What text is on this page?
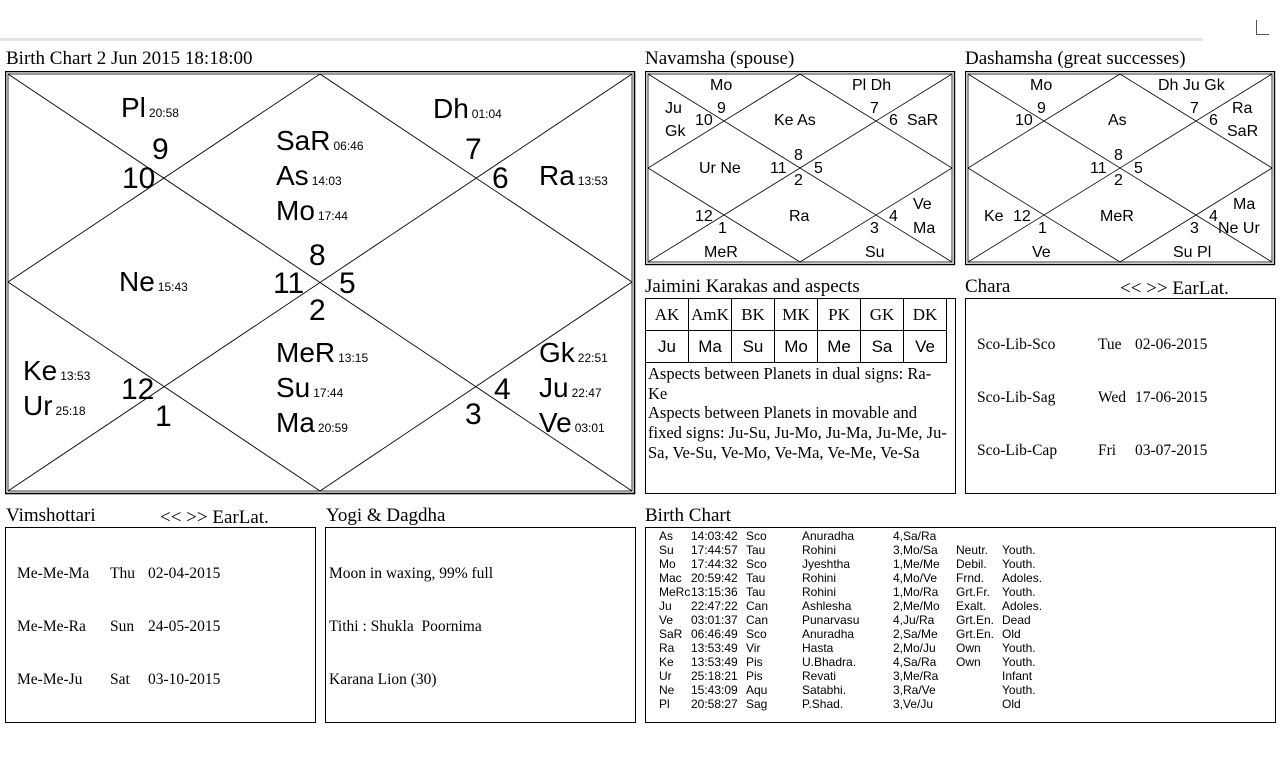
Birth Chart 2 Jun 2015 18:18:00
8
9
10
11
12
1
2
3
4
5
6
7
Pl 20:58
SaR 06:46
As 14:03
Mo 17:44
Dh 01:04
Ra 13:53
Ne 15:43
Ke 13:53
Ur 25:18
MeR 13:15
Su 17:44
Ma 20:59
Gk 22:51
Ju 22:47
Ve 03:01
Navamsha (spouse)
8
9
10
11
12
1
2
3
4
5
6
7
Mo	Pl Dh
Ju
Gk
Ke As	SaR
Ur Ne
Ra
Ve
Ma
MeR	Su
Dashamsha (great successes)
8
9
10
11
12
1
2
3
4
5
6
7
Mo	Dh Ju Gk
Ra
SaR
As
Ke	MeR
Ma
Ne Ur
Ve	Su Pl
Jaimini Karakas and aspects
AK	AmK	BK	MK	PK	GK	DK
Ju	Ma	Su	Mo	Me	Sa	Ve
Aspects between Planets in dual signs: Ra-Ke
Aspects between Planets in movable and fixed signs: Ju-Su, Ju-Mo, Ju-Ma, Ju-Me, Ju-Sa, Ve-Su, Ve-Mo, Ve-Ma, Ve-Me, Ve-Sa
Chara	<< >> EarLat.

Sco-Lib-Sco	Tue 02-06-2015

Sco-Lib-Sag	Wed 17-06-2015

Sco-Lib-Cap	Fri 03-07-2015

Vimshottari	<< >> EarLat.

Me-Me-Ma Thu 02-04-2015

Me-Me-Ra Sun 24-05-2015

Me-Me-Ju Sat 03-10-2015

Yogi & Dagdha

Moon in waxing, 99% full

Tithi : Shukla  Poornima

Karana Lion (30)

Birth Chart
As 14:03:42 Sco	Anuradha	4,Sa/Ra
Su 17:44:57 Tau	Rohini	3,Mo/Sa Neutr. Youth.
Mo 17:44:32 Sco	Jyeshtha	1,Me/Me Debil. Youth.
Mac 20:59:42 Tau	Rohini	4,Mo/Ve Frnd. Adoles.
MeRc 13:15:36 Tau	Rohini	1,Mo/Ra Grt.Fr. Youth.
Ju 22:47:22 Can	Ashlesha	2,Me/Mo Exalt. Adoles.
Ve 03:01:37 Can	Punarvasu	4,Ju/Ra Grt.En. Dead
SaR 06:46:49 Sco	Anuradha	2,Sa/Me Grt.En. Old
Ra 13:53:49 Vir	Hasta	2,Mo/Ju Own Youth.
Ke 13:53:49 Pis	U.Bhadra.	4,Sa/Ra Own Youth.
Ur 25:18:21 Pis	Revati	3,Me/Ra	Infant
Ne 15:43:09 Aqu	Satabhi.	3,Ra/Ve	Youth.
Pl 20:58:27 Sag	P.Shad.	3,Ve/Ju	Old
